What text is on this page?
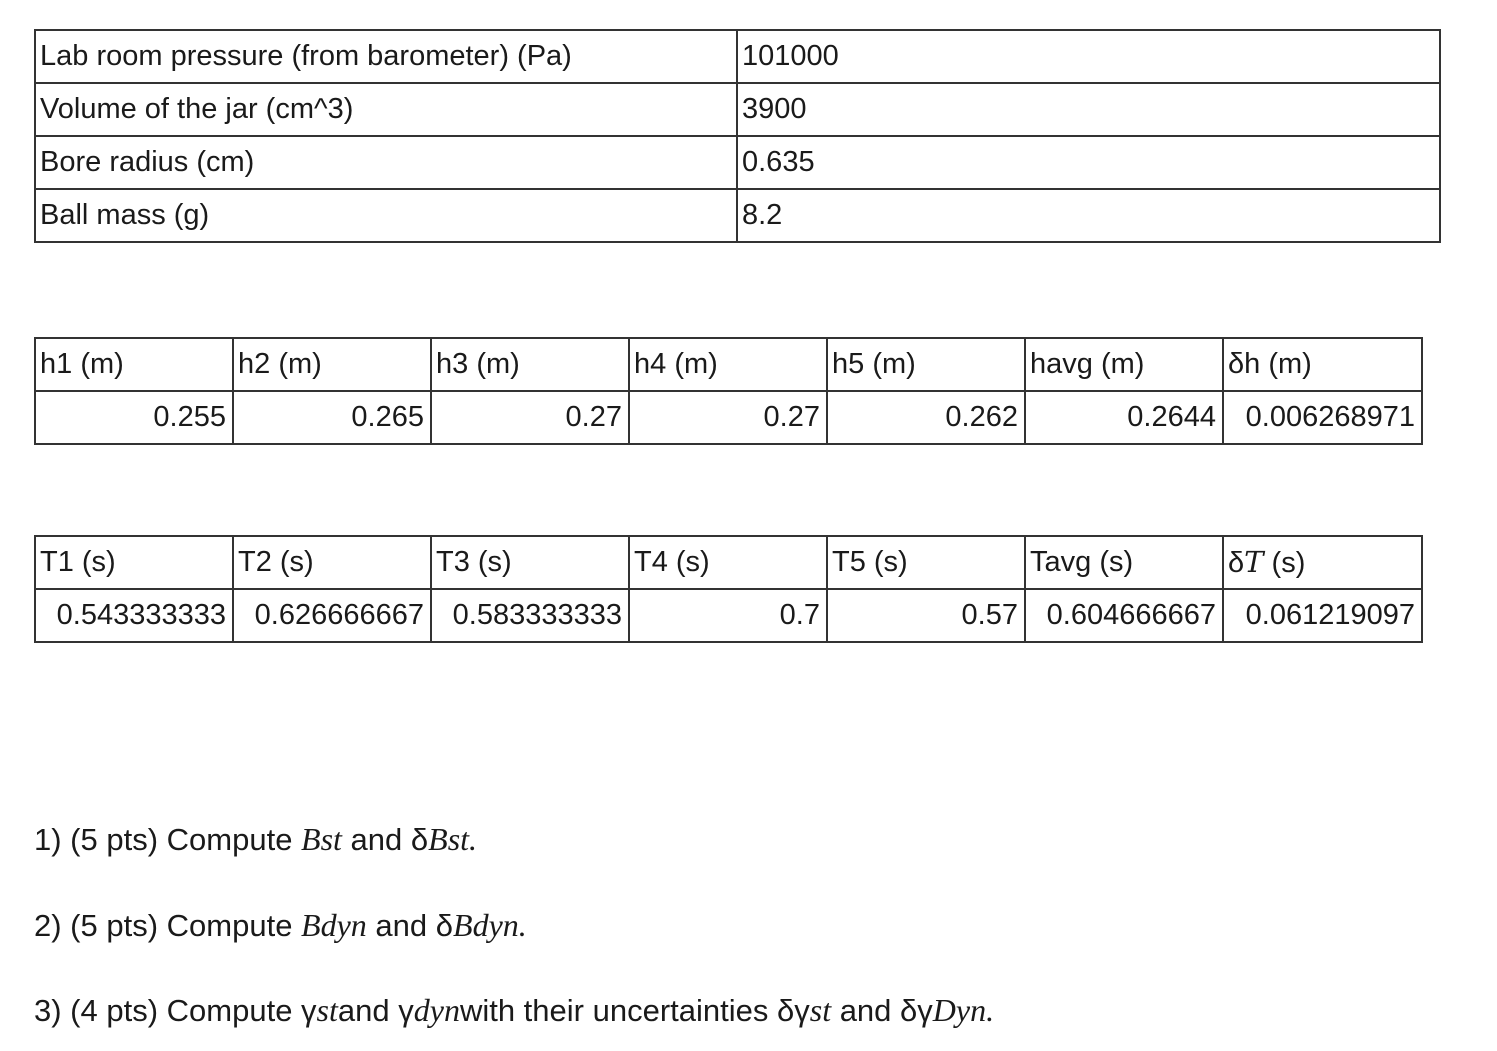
Lab room pressure (from barometer) (Pa)	101000
Volume of the jar (cm^3)	3900
Bore radius (cm)	0.635
Ball mass (g)	8.2
h1 (m)	h2 (m)	h3 (m)	h4 (m)	h5 (m)	havg (m)	δh (m)
0.255	0.265	0.27	0.27	0.262	0.2644	0.006268971
T1 (s)	T2 (s)	T3 (s)	T4 (s)	T5 (s)	Tavg (s)	δT (s)
0.543333333	0.626666667	0.583333333	0.7	0.57	0.604666667	0.061219097
1) (5 pts) Compute Bst and δBst.
2) (5 pts) Compute Bdyn and δBdyn.
3) (4 pts) Compute γstand γdynwith their uncertainties δγst and δγDyn.
